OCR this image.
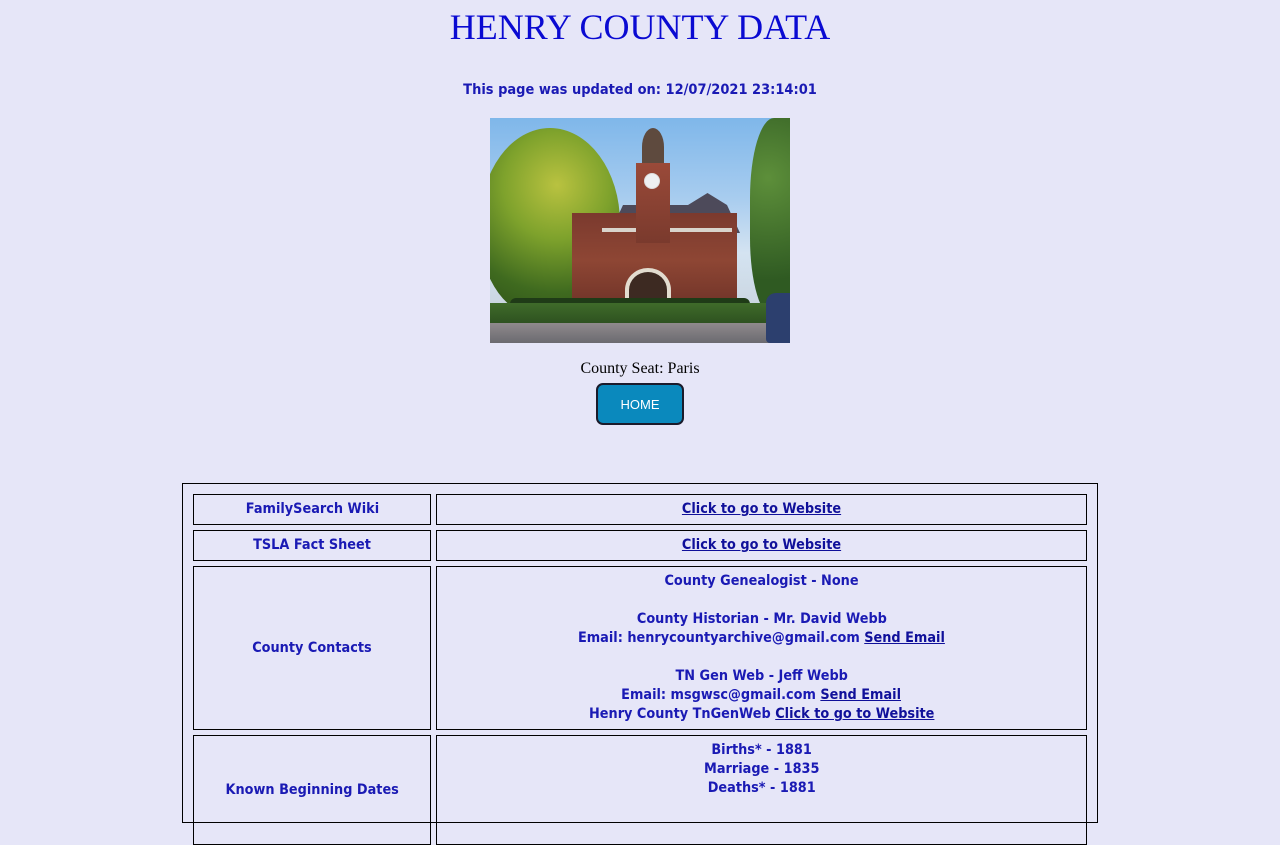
HENRY COUNTY DATA
This page was updated on: 12/07/2021 23:14:01
County Seat: Paris
HOME
FamilySearch Wiki	Click to go to Website
TSLA Fact Sheet	Click to go to Website
County Contacts
County Genealogist - None
County Historian - Mr. David Webb
Email: henrycountyarchive@gmail.com Send Email
TN Gen Web - Jeff Webb
Email: msgwsc@gmail.com Send Email
Henry County TnGenWeb Click to go to Website
Known Beginning Dates
Births* - 1881
Marriage - 1835
Deaths* - 1881
